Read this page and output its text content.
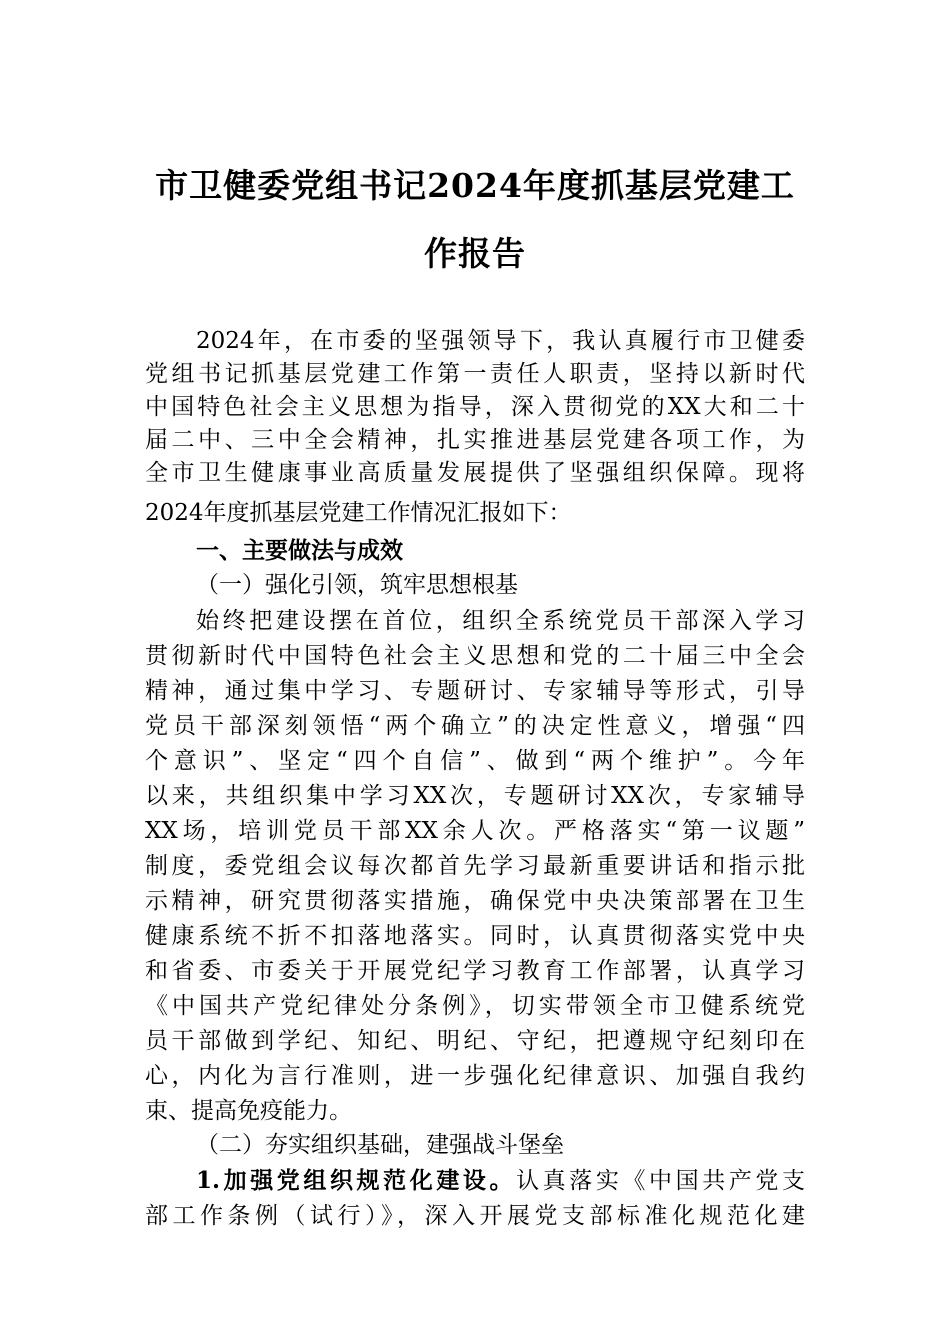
市卫健委党组书记2024年度抓基层党建工
作报告
2024年，在市委的坚强领导下，我认真履行市卫健委
党组书记抓基层党建工作第一责任人职责，坚持以新时代
中国特色社会主义思想为指导，深入贯彻党的XX大和二十
届二中、三中全会精神，扎实推进基层党建各项工作，为
全市卫生健康事业高质量发展提供了坚强组织保障。现将
2024年度抓基层党建工作情况汇报如下：
一、主要做法与成效
（一）强化引领，筑牢思想根基
始终把建设摆在首位，组织全系统党员干部深入学习
贯彻新时代中国特色社会主义思想和党的二十届三中全会
精神，通过集中学习、专题研讨、专家辅导等形式，引导
党员干部深刻领悟“两个确立”的决定性意义，增强“四
个意识”、坚定“四个自信”、做到“两个维护”。今年
以来，共组织集中学习XX次，专题研讨XX次，专家辅导
XX场，培训党员干部XX余人次。严格落实“第一议题”
制度，委党组会议每次都首先学习最新重要讲话和指示批
示精神，研究贯彻落实措施，确保党中央决策部署在卫生
健康系统不折不扣落地落实。同时，认真贯彻落实党中央
和省委、市委关于开展党纪学习教育工作部署，认真学习
《中国共产党纪律处分条例》，切实带领全市卫健系统党
员干部做到学纪、知纪、明纪、守纪，把遵规守纪刻印在
心，内化为言行准则，进一步强化纪律意识、加强自我约
束、提高免疫能力。
（二）夯实组织基础，建强战斗堡垒
1.加强党组织规范化建设。认真落实《中国共产党支
部工作条例（试行）》，深入开展党支部标准化规范化建
